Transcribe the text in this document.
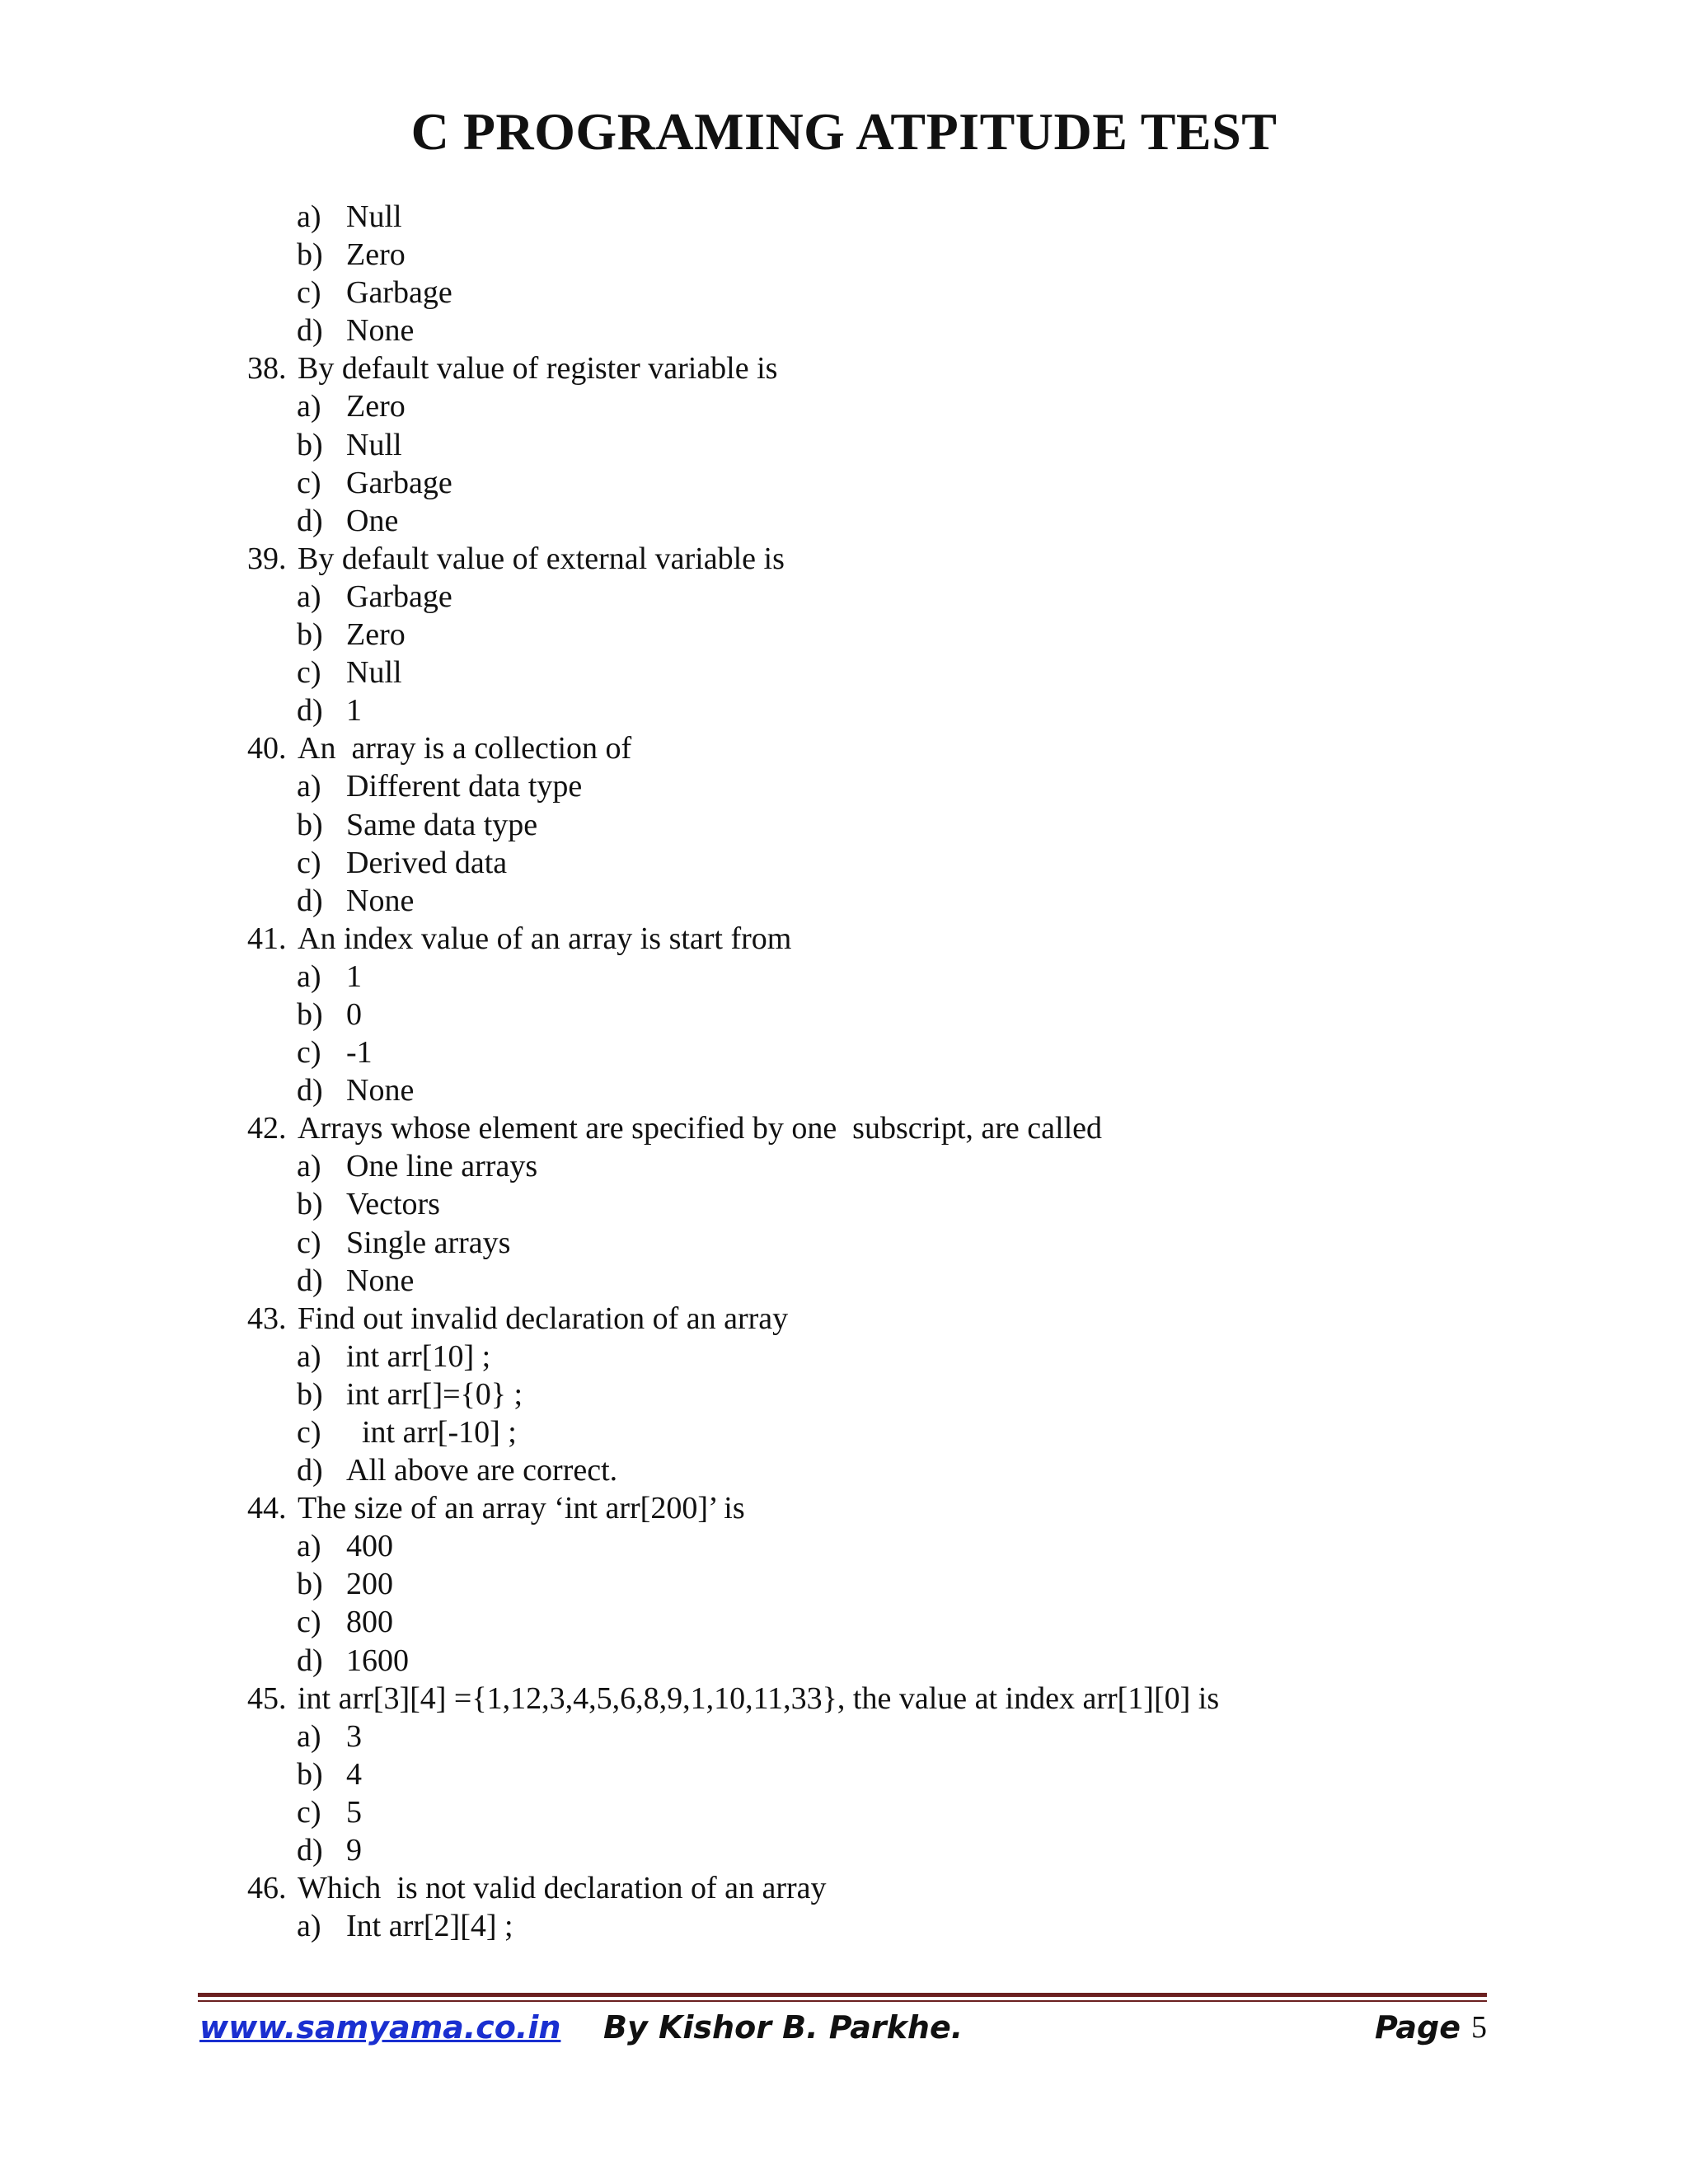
C PROGRAMING ATPITUDE TEST
a) Null
b) Zero
c) Garbage
d) None
38. By default value of register variable is
a) Zero
b) Null
c) Garbage
d) One
39. By default value of external variable is
a) Garbage
b) Zero
c) Null
d) 1
40. An  array is a collection of
a) Different data type
b) Same data type
c) Derived data
d) None
41. An index value of an array is start from
a) 1
b) 0
c) -1
d) None
42. Arrays whose element are specified by one  subscript, are called
a) One line arrays
b) Vectors
c) Single arrays
d) None
43. Find out invalid declaration of an array
a) int arr[10] ;
b) int arr[]={0} ;
c) int arr[-10] ;
d) All above are correct.
44. The size of an array ‘int arr[200]’ is
a) 400
b) 200
c) 800
d) 1600
45. int arr[3][4] ={1,12,3,4,5,6,8,9,1,10,11,33}, the value at index arr[1][0] is
a) 3
b) 4
c) 5
d) 9
46. Which  is not valid declaration of an array
a) Int arr[2][4] ;
www.samyama.co.in By Kishor B. Parkhe.	Page 5
